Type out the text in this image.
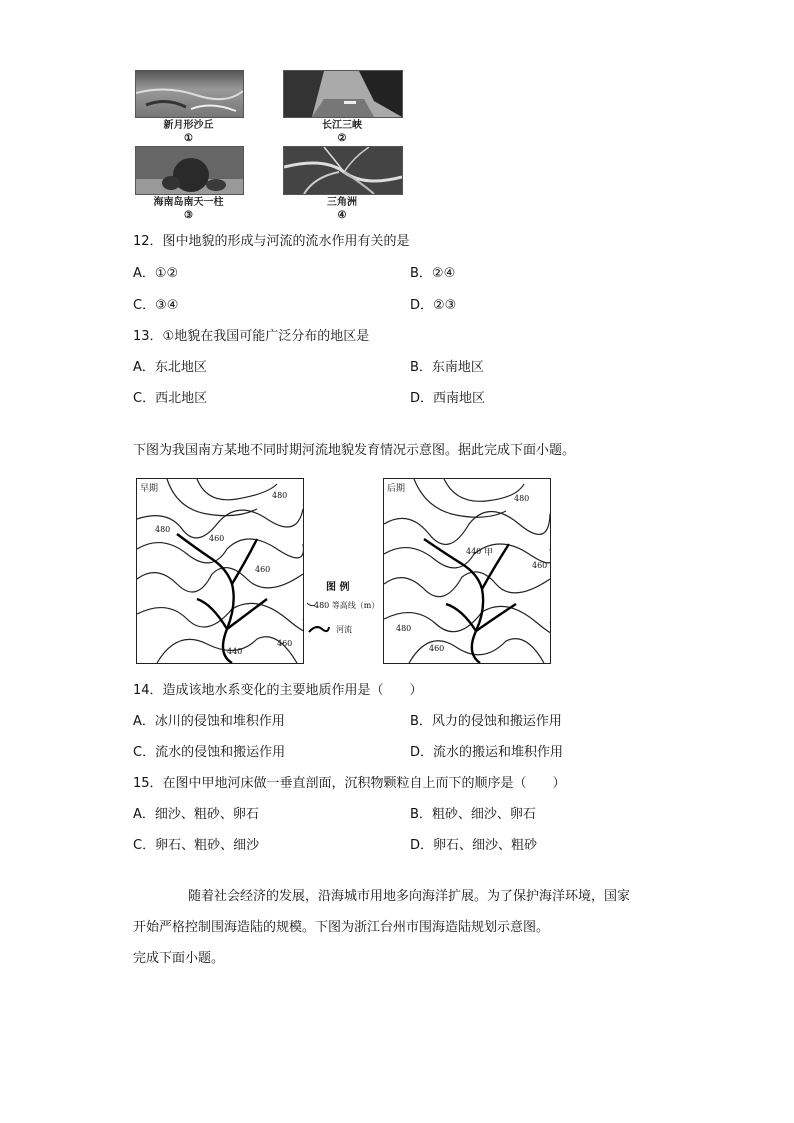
新月形沙丘
①
长江三峡
②
海南岛南天一柱
③
三角洲
④
12．图中地貌的形成与河流的流水作用有关的是
A．①②	B．②④
C．③④	D．②③
13．①地貌在我国可能广泛分布的地区是
A．东北地区	B．东南地区
C．西北地区	D．西南地区
下图为我国南方某地不同时期河流地貌发育情况示意图。据此完成下面小题。
早期
480
480
460
460
440
460
图 例
480 等高线（m）
河流
后期
480
440 甲
460
480
460
14．造成该地水系变化的主要地质作用是（　　）
A．冰川的侵蚀和堆积作用	B．风力的侵蚀和搬运作用
C．流水的侵蚀和搬运作用	D．流水的搬运和堆积作用
15．在图中甲地河床做一垂直剖面，沉积物颗粒自上而下的顺序是（　　）
A．细沙、粗砂、卵石	B．粗砂、细沙、卵石
C．卵石、粗砂、细沙	D．卵石、细沙、粗砂
随着社会经济的发展，沿海城市用地多向海洋扩展。为了保护海洋环境，国家
开始严格控制围海造陆的规模。下图为浙江台州市围海造陆规划示意图。
完成下面小题。
